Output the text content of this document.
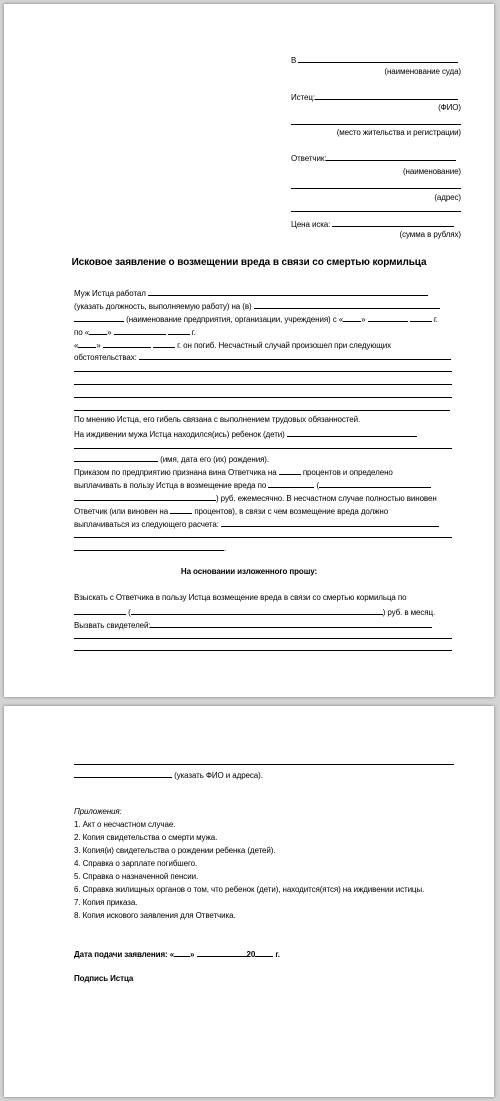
В
(наименование суда)
Истец:
(ФИО)
(место жительства и регистрации)
Ответчик:
(наименование)
(адрес)
Цена иска:
(сумма в рублях)
Исковое заявление о возмещении вреда в связи со смертью кормильца
Муж Истца работал
(указать должность, выполняемую работу) на (в)
(наименование предприятия, организации, учреждения) с « »	г.
по « »	г.
« »	г. он погиб. Несчастный случай произошел при следующих
обстоятельствах:
По мнению Истца, его гибель связана с выполнением трудовых обязанностей.
На иждивении мужа Истца находился(ись) ребенок (дети)
(имя, дата его (их) рождения).
Приказом по предприятию признана вина Ответчика на	процентов и определено
выплачивать в пользу Истца в возмещение вреда по	(
) руб. ежемесячно. В несчастном случае полностью виновен
Ответчик (или виновен на	процентов), в связи с чем возмещение вреда должно
выплачиваться из следующего расчета:
.
На основании изложенного прошу:
Взыскать с Ответчика в пользу Истца возмещение вреда в связи со смертью кормильца по
(	) руб. в месяц.
Вызвать свидетелей:
(указать ФИО и адреса).
Приложения:
1. Акт о несчастном случае.
2. Копия свидетельства о смерти мужа.
3. Копия(и) свидетельства о рождении ребенка (детей).
4. Справка о зарплате погибшего.
5. Справка о назначенной пенсии.
6. Справка жилищных органов о том, что ребенок (дети), находится(ятся) на иждивении истицы.
7. Копия приказа.
8. Копия искового заявления для Ответчика.
Дата подачи заявления: « »	20	г.
Подпись Истца
